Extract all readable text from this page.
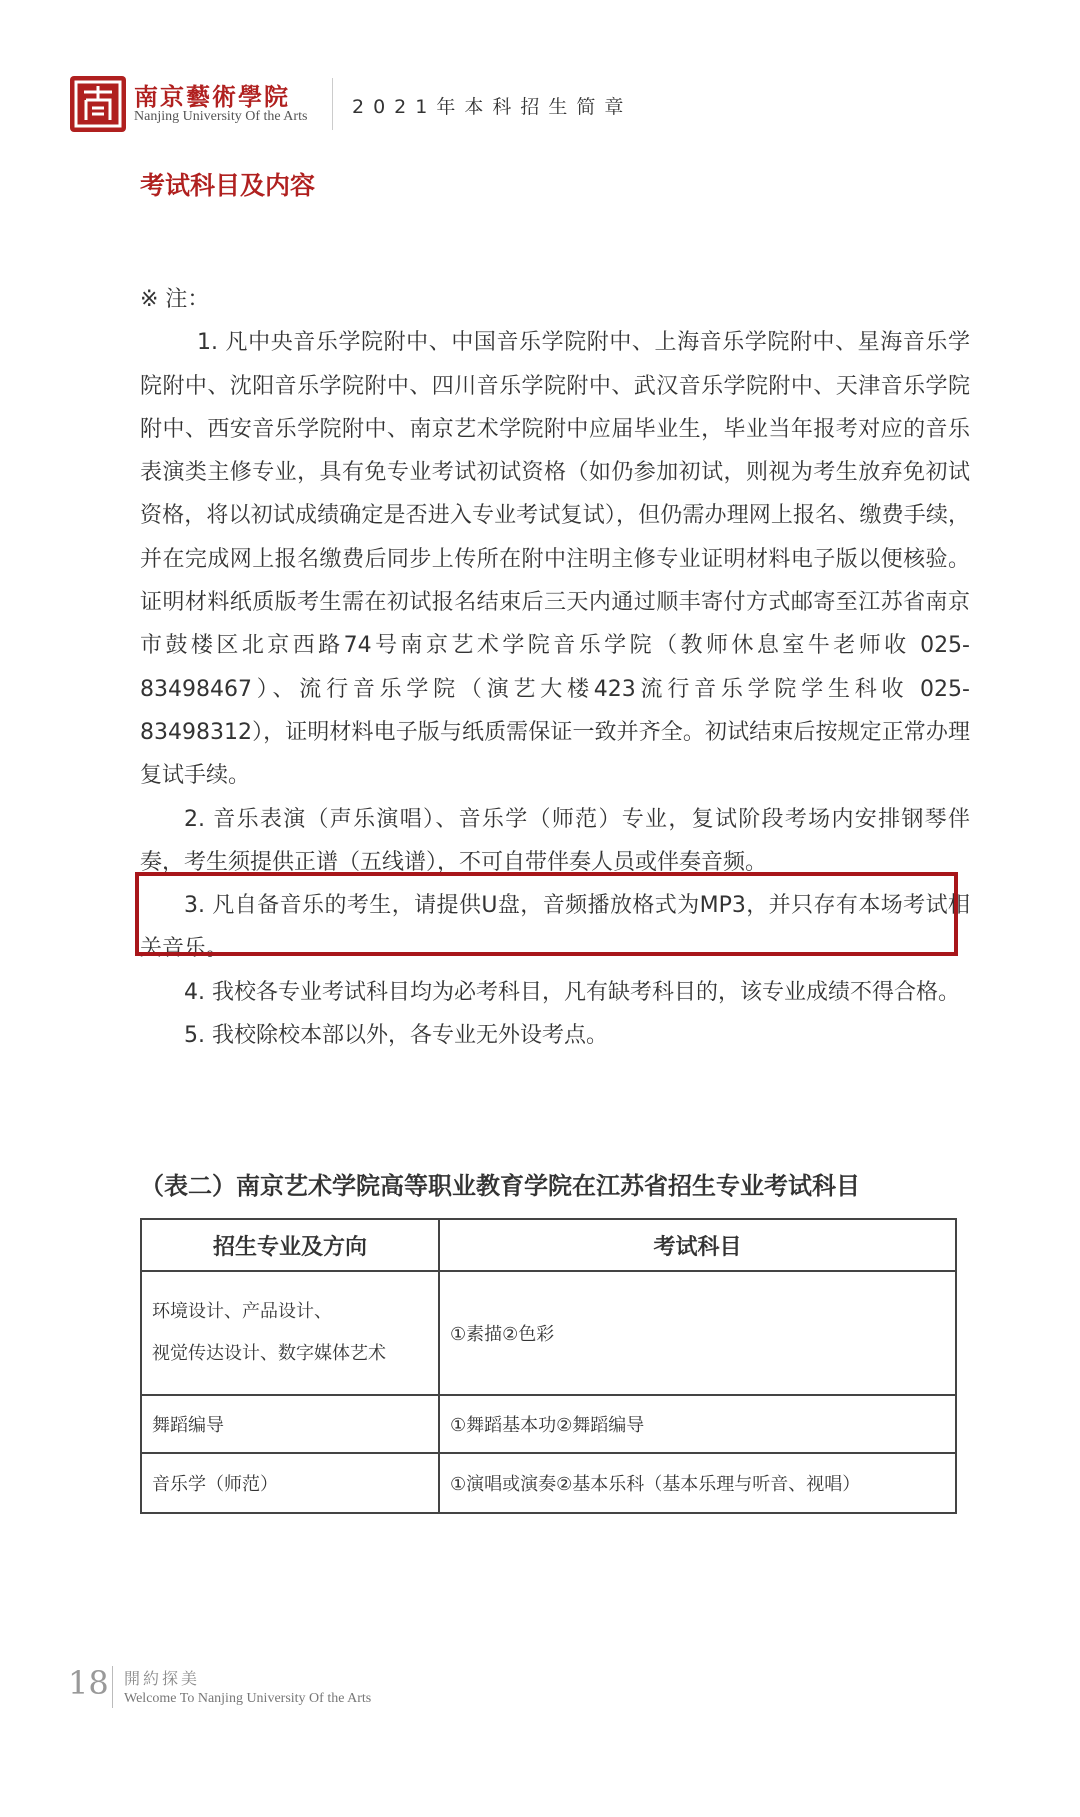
南京藝術學院
Nanjing University Of the Arts 2021年本科招生简章
考试科目及内容

※ 注：

1. 凡中央音乐学院附中、中国音乐学院附中、上海音乐学院附中、星海音乐学院附中、沈阳音乐学院附中、四川音乐学院附中、武汉音乐学院附中、天津音乐学院附中、西安音乐学院附中、南京艺术学院附中应届毕业生，毕业当年报考对应的音乐表演类主修专业，具有免专业考试初试资格（如仍参加初试，则视为考生放弃免初试资格，将以初试成绩确定是否进入专业考试复试），但仍需办理网上报名、缴费手续，并在完成网上报名缴费后同步上传所在附中注明主修专业证明材料电子版以便核验。证明材料纸质版考生需在初试报名结束后三天内通过顺丰寄付方式邮寄至江苏省南京市鼓楼区北京西路74号南京艺术学院音乐学院（教师休息室牛老师收 025-83498467）、流行音乐学院（演艺大楼423流行音乐学院学生科收 025-83498312），证明材料电子版与纸质需保证一致并齐全。初试结束后按规定正常办理复试手续。

2. 音乐表演（声乐演唱）、音乐学（师范）专业，复试阶段考场内安排钢琴伴奏，考生须提供正谱（五线谱），不可自带伴奏人员或伴奏音频。

3. 凡自备音乐的考生，请提供U盘，音频播放格式为MP3，并只存有本场考试相关音乐。

4. 我校各专业考试科目均为必考科目，凡有缺考科目的，该专业成绩不得合格。

5. 我校除校本部以外，各专业无外设考点。

（表二）南京艺术学院高等职业教育学院在江苏省招生专业考试科目
招生专业及方向	考试科目

环境设计、产品设计、
视觉传达设计、数字媒体艺术	①素描②色彩
舞蹈编导	①舞蹈基本功②舞蹈编导
音乐学（师范）	①演唱或演奏②基本乐科（基本乐理与听音、视唱）
18 開約探美
Welcome To Nanjing University Of the Arts
